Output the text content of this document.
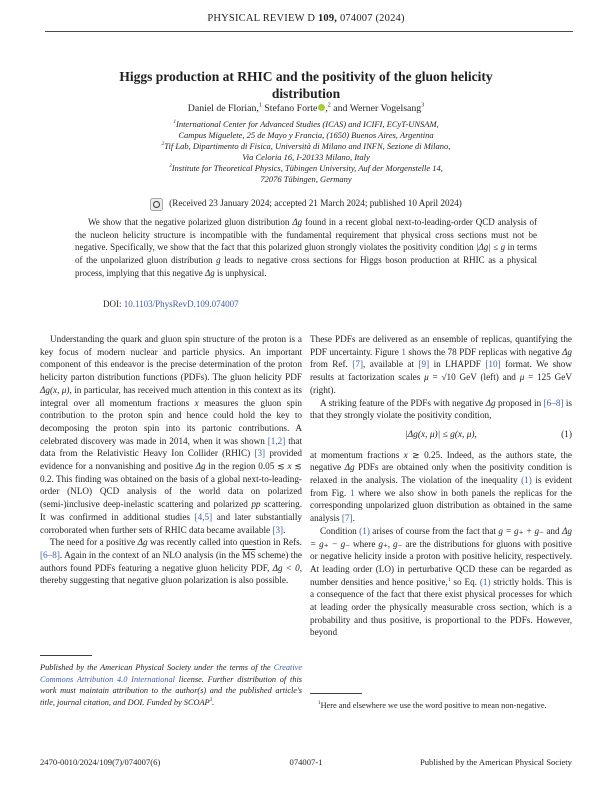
PHYSICAL REVIEW D 109, 074007 (2024)
Higgs production at RHIC and the positivity of the gluon helicity distribution
Daniel de Florian,$^1$ Stefano Forte ,$^2$ and Werner Vogelsang$^3$
$^1$International Center for Advanced Studies (ICAS) and ICIFI, ECyT-UNSAM,
Campus Miguelete, 25 de Mayo y Francia, (1650) Buenos Aires, Argentina
$^2$Tif Lab, Dipartimento di Fisica, Università di Milano and INFN, Sezione di Milano,
Via Celoria 16, I-20133 Milano, Italy
$^3$Institute for Theoretical Physics, Tübingen University, Auf der Morgenstelle 14,
72076 Tübingen, Germany
(Received 23 January 2024; accepted 21 March 2024; published 10 April 2024)
We show that the negative polarized gluon distribution Δg found in a recent global next-to-leading-order QCD analysis of the nucleon helicity structure is incompatible with the fundamental requirement that physical cross sections must not be negative. Specifically, we show that the fact that this polarized gluon strongly violates the positivity condition |Δg| ≤ g in terms of the unpolarized gluon distribution g leads to negative cross sections for Higgs boson production at RHIC as a physical process, implying that this negative Δg is unphysical.
DOI: 10.1103/PhysRevD.109.074007

Understanding the quark and gluon spin structure of the proton is a key focus of modern nuclear and particle physics. An important component of this endeavor is the precise determination of the proton helicity parton distribution functions (PDFs). The gluon helicity PDF Δg(x, μ), in particular, has received much attention in this context as its integral over all momentum fractions x measures the gluon spin contribution to the proton spin and hence could hold the key to decomposing the proton spin into its partonic contributions. A celebrated discovery was made in 2014, when it was shown [1,2] that data from the Relativistic Heavy Ion Collider (RHIC) [3] provided evidence for a nonvanishing and positive Δg in the region 0.05 ≲ x ≲ 0.2. This finding was obtained on the basis of a global next-to-leading-order (NLO) QCD analysis of the world data on polarized (semi-)inclusive deep-inelastic scattering and polarized pp scattering. It was confirmed in additional studies [4,5] and later substantially corroborated when further sets of RHIC data became available [3].

The need for a positive Δg was recently called into question in Refs. [6–8]. Again in the context of an NLO analysis (in the $\overline{MS}$ scheme) the authors found PDFs featuring a negative gluon helicity PDF, Δg < 0, thereby suggesting that negative gluon polarization is also possible.

These PDFs are delivered as an ensemble of replicas, quantifying the PDF uncertainty. Figure 1 shows the 78 PDF replicas with negative Δg from Ref. [7], available at [9] in LHAPDF [10] format. We show results at factorization scales μ = √10 GeV (left) and μ = 125 GeV (right).

A striking feature of the PDFs with negative Δg proposed in [6–8] is that they strongly violate the positivity condition,

|Δg(x, μ)| ≤ g(x, μ),	(1)

at momentum fractions x ≳ 0.25. Indeed, as the authors state, the negative Δg PDFs are obtained only when the positivity condition is relaxed in the analysis. The violation of the inequality (1) is evident from Fig. 1 where we also show in both panels the replicas for the corresponding unpolarized gluon distribution as obtained in the same analysis [7].

Condition (1) arises of course from the fact that g = g₊ + g₋ and Δg = g₊ − g₋ where g₊, g₋ are the distributions for gluons with positive or negative helicity inside a proton with positive helicity, respectively. At leading order (LO) in perturbative QCD these can be regarded as number densities and hence positive,$^1$ so Eq. (1) strictly holds. This is a consequence of the fact that there exist physical processes for which at leading order the physically measurable cross section, which is a probability and thus positive, is proportional to the PDFs. However, beyond

Published by the American Physical Society under the terms of the Creative Commons Attribution 4.0 International license. Further distribution of this work must maintain attribution to the author(s) and the published article's title, journal citation, and DOI. Funded by SCOAP$^3$.	$^1$Here and elsewhere we use the word positive to mean non-negative.
2470-0010/2024/109(7)/074007(6)	074007-1	Published by the American Physical Society
